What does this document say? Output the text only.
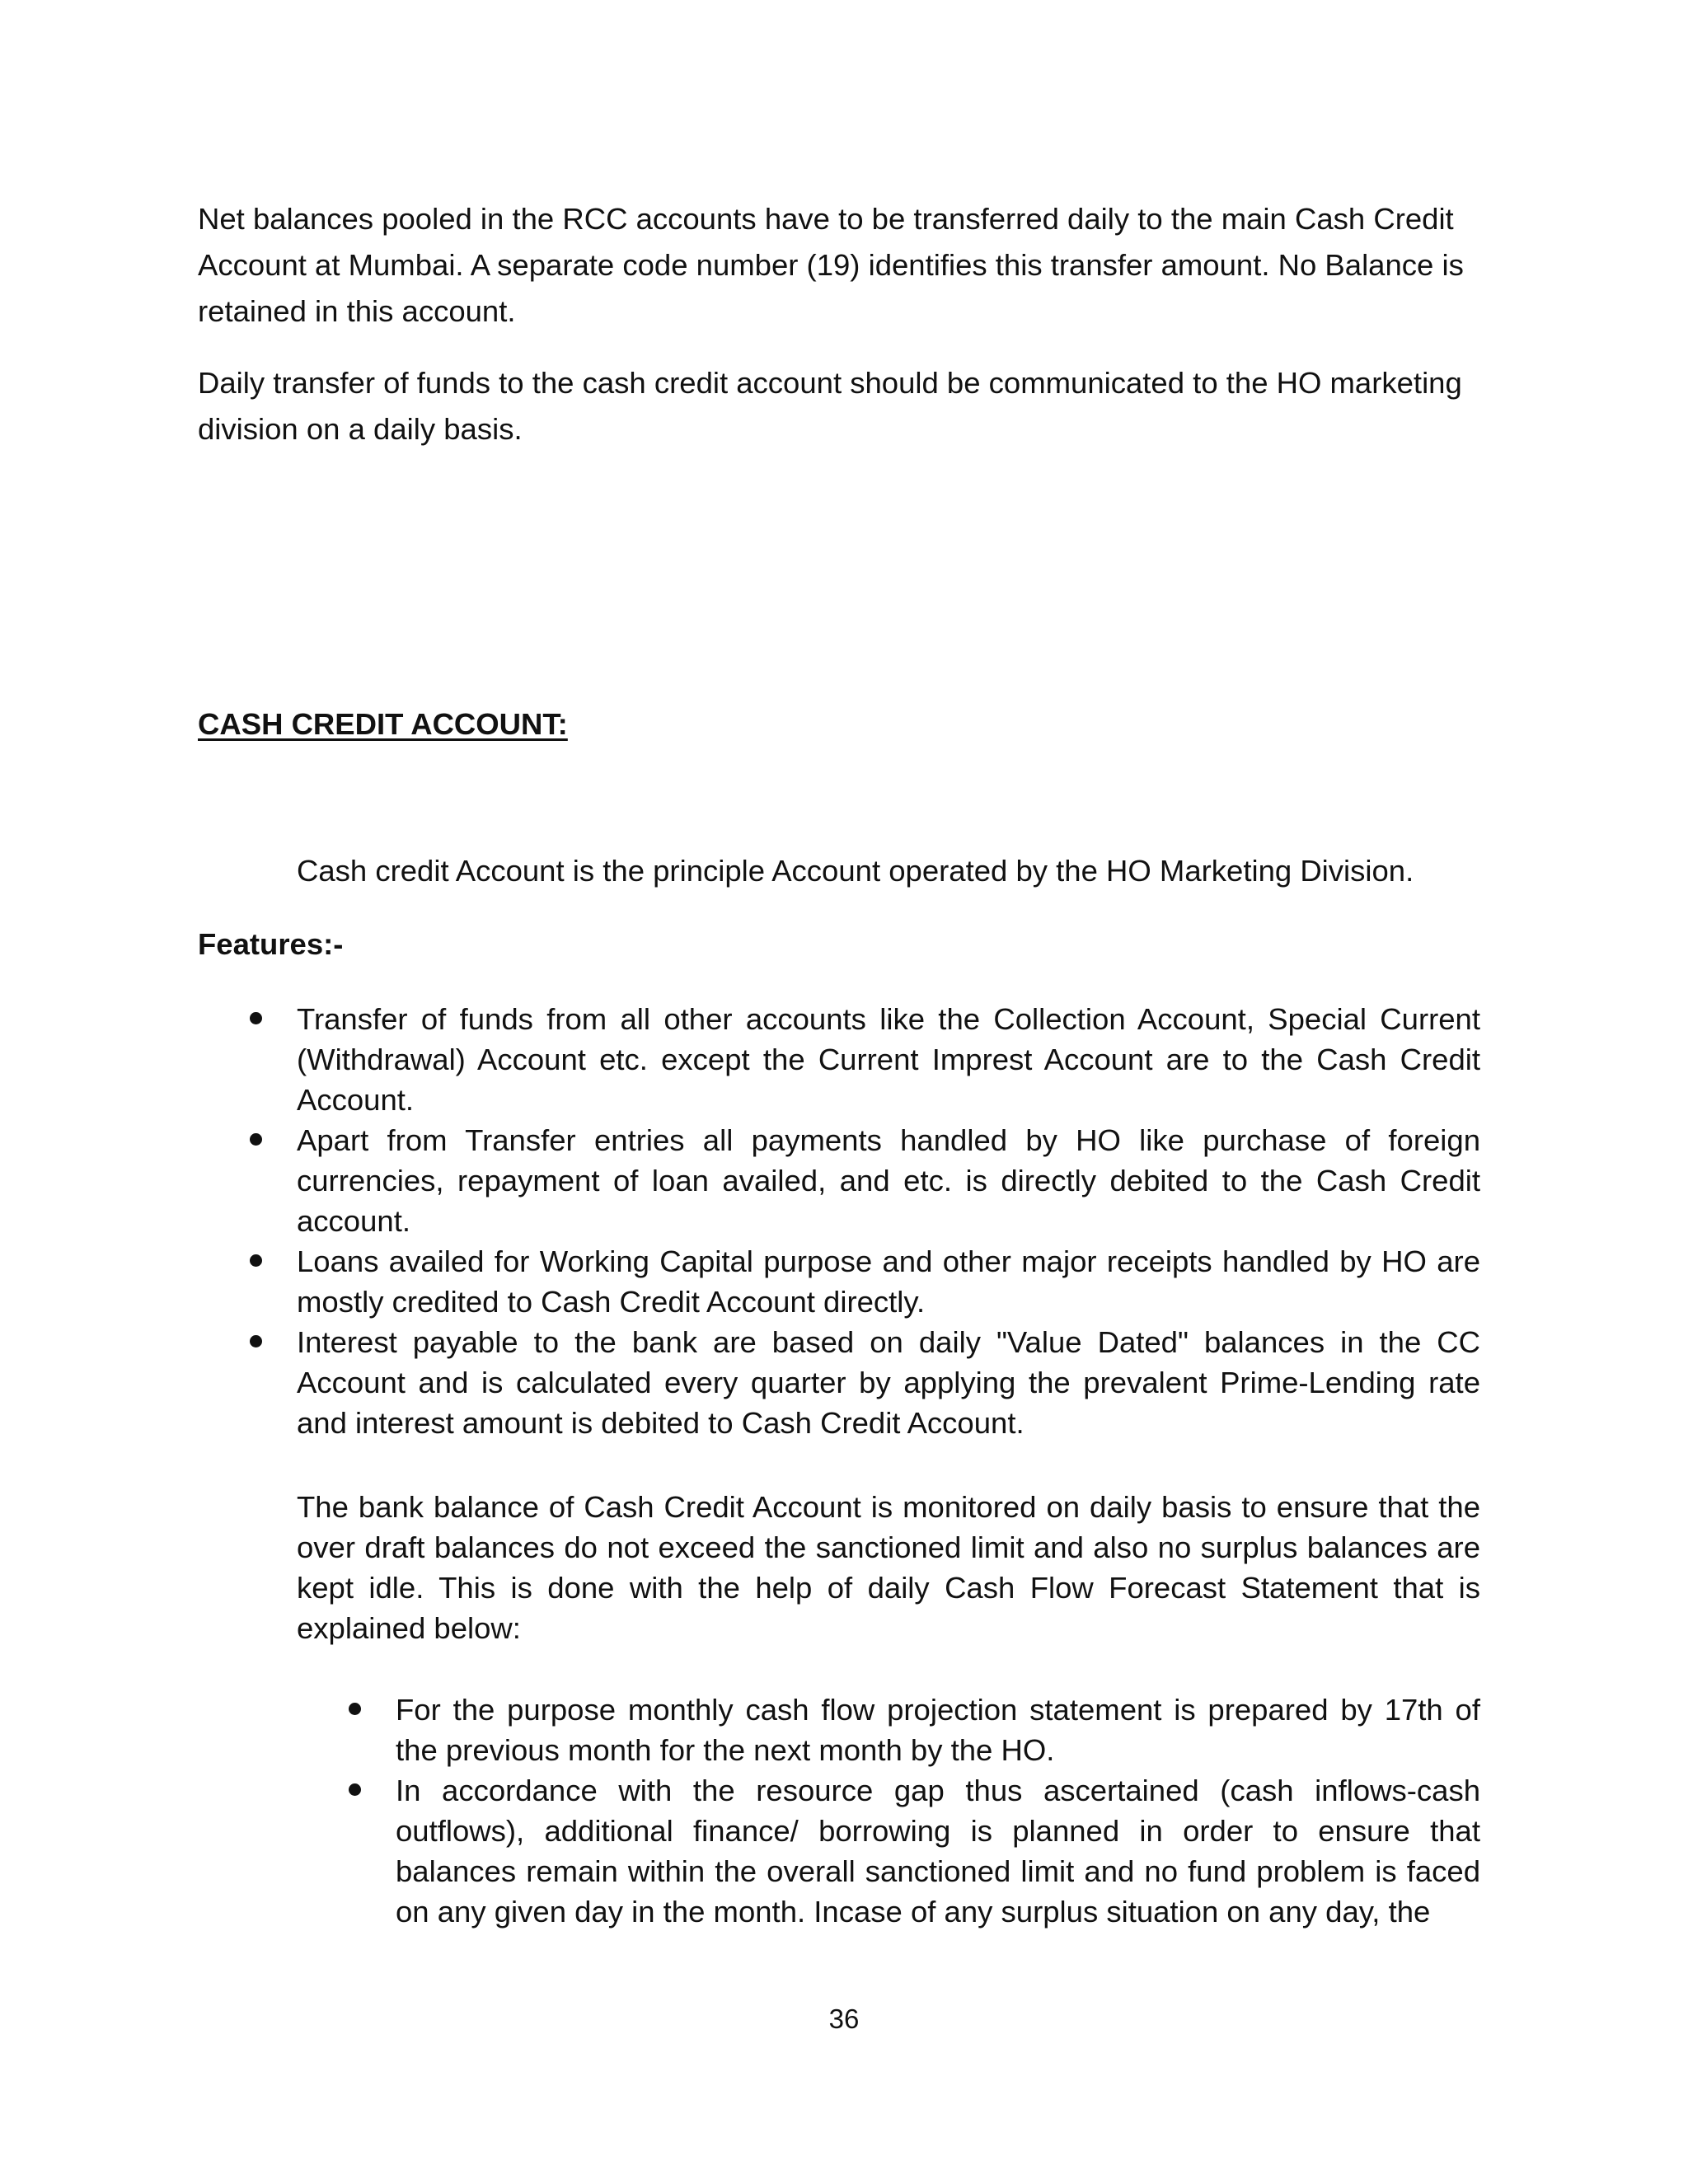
Net balances pooled in the RCC accounts have to be transferred daily to the main Cash Credit Account at Mumbai. A separate code number (19) identifies this transfer amount. No Balance is retained in this account.

Daily transfer of funds to the cash credit account should be communicated to the HO marketing division on a daily basis.

CASH CREDIT ACCOUNT:

Cash credit Account is the principle Account operated by the HO Marketing Division.

Features:-

Transfer of funds from all other accounts like the Collection Account, Special Current (Withdrawal) Account etc. except the Current Imprest Account are to the Cash Credit Account.
Apart from Transfer entries all payments handled by HO like purchase of foreign currencies, repayment of loan availed, and etc. is directly debited to the Cash Credit account.
Loans availed for Working Capital purpose and other major receipts handled by HO are mostly credited to Cash Credit Account directly.
Interest payable to the bank are based on daily "Value Dated" balances in the CC Account and is calculated every quarter by applying the prevalent Prime-Lending rate and interest amount is debited to Cash Credit Account.

The bank balance of Cash Credit Account is monitored on daily basis to ensure that the over draft balances do not exceed the sanctioned limit and also no surplus balances are kept idle. This is done with the help of daily Cash Flow Forecast Statement that is explained below:

For the purpose monthly cash flow projection statement is prepared by 17th of the previous month for the next month by the HO.
In accordance with the resource gap thus ascertained (cash inflows-cash outflows), additional finance/ borrowing is planned in order to ensure that balances remain within the overall sanctioned limit and no fund problem is faced on any given day in the month. Incase of any surplus situation on any day, the

36
